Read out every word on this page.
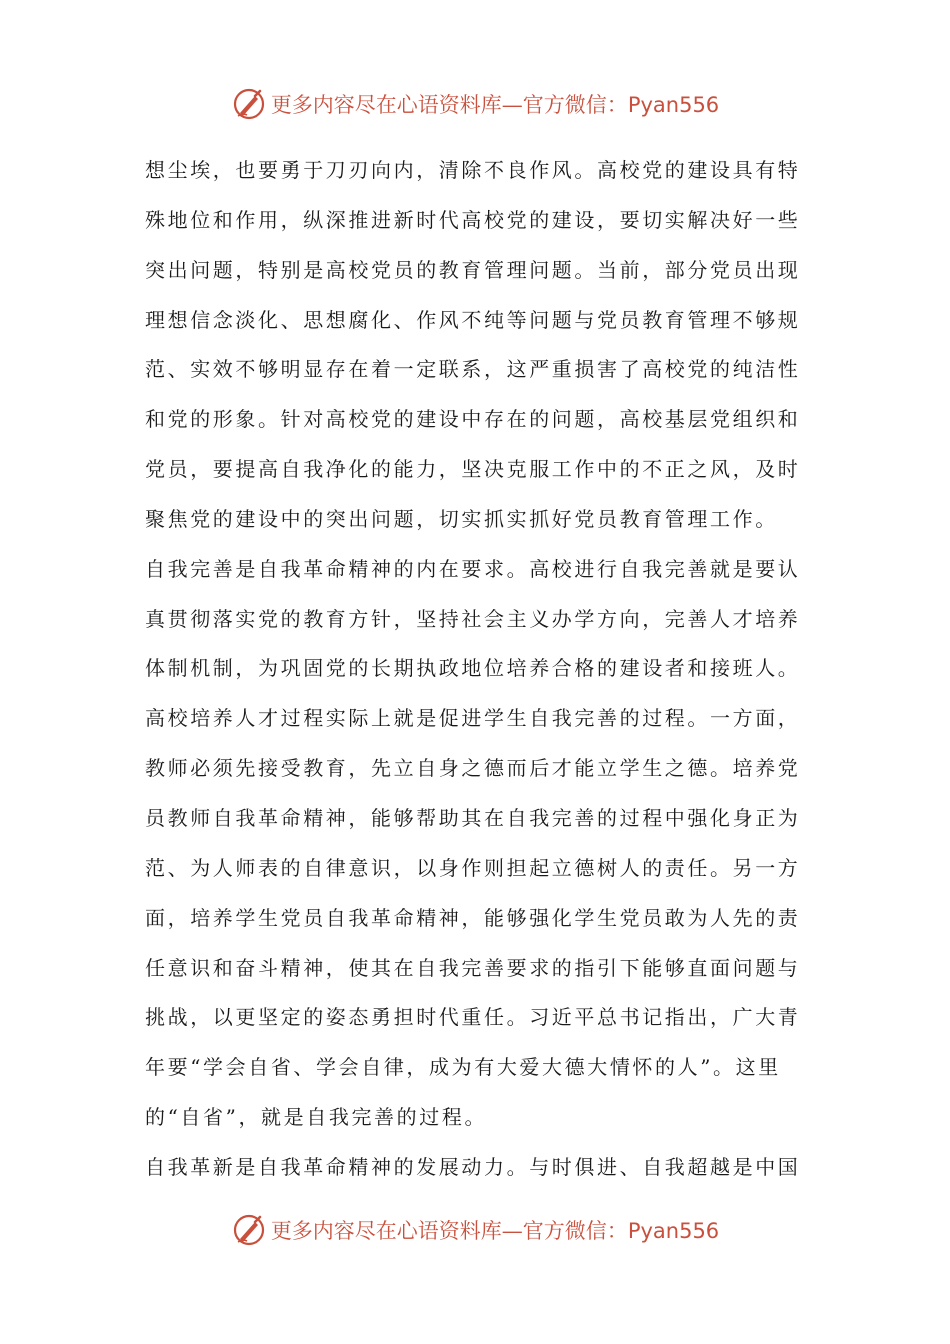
更多内容尽在心语资料库—官方微信：Pyan556
想尘埃，也要勇于刀刃向内，清除不良作风。高校党的建设具有特
殊地位和作用，纵深推进新时代高校党的建设，要切实解决好一些
突出问题，特别是高校党员的教育管理问题。当前，部分党员出现
理想信念淡化、思想腐化、作风不纯等问题与党员教育管理不够规
范、实效不够明显存在着一定联系，这严重损害了高校党的纯洁性
和党的形象。针对高校党的建设中存在的问题，高校基层党组织和
党员，要提高自我净化的能力，坚决克服工作中的不正之风，及时
聚焦党的建设中的突出问题，切实抓实抓好党员教育管理工作。
自我完善是自我革命精神的内在要求。高校进行自我完善就是要认
真贯彻落实党的教育方针，坚持社会主义办学方向，完善人才培养
体制机制，为巩固党的长期执政地位培养合格的建设者和接班人。
高校培养人才过程实际上就是促进学生自我完善的过程。一方面，
教师必须先接受教育，先立自身之德而后才能立学生之德。培养党
员教师自我革命精神，能够帮助其在自我完善的过程中强化身正为
范、为人师表的自律意识，以身作则担起立德树人的责任。另一方
面，培养学生党员自我革命精神，能够强化学生党员敢为人先的责
任意识和奋斗精神，使其在自我完善要求的指引下能够直面问题与
挑战，以更坚定的姿态勇担时代重任。习近平总书记指出，广大青
年要“学会自省、学会自律，成为有大爱大德大情怀的人”。这里
的“自省”，就是自我完善的过程。
自我革新是自我革命精神的发展动力。与时俱进、自我超越是中国
更多内容尽在心语资料库—官方微信：Pyan556
